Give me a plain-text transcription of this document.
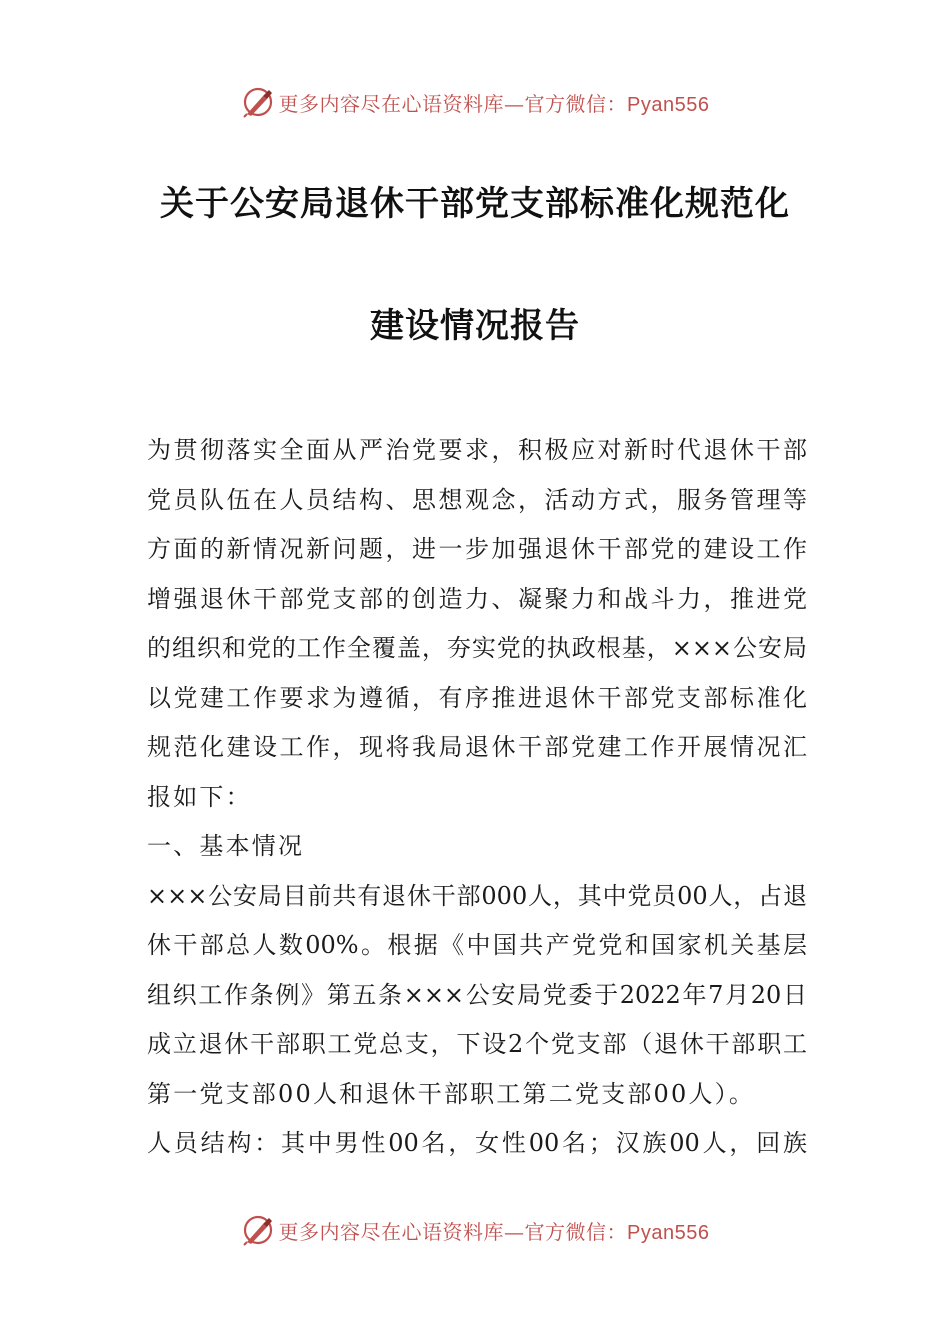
更多内容尽在心语资料库—官方微信：Pyan556
关于公安局退休干部党支部标准化规范化
建设情况报告
为贯彻落实全面从严治党要求，积极应对新时代退休干部
党员队伍在人员结构、思想观念，活动方式，服务管理等
方面的新情况新问题，进一步加强退休干部党的建设工作
增强退休干部党支部的创造力、凝聚力和战斗力，推进党
的组织和党的工作全覆盖，夯实党的执政根基，×××公安局
以党建工作要求为遵循，有序推进退休干部党支部标准化
规范化建设工作，现将我局退休干部党建工作开展情况汇
报如下：
一、基本情况
×××公安局目前共有退休干部000人，其中党员00人，占退
休干部总人数00%。根据《中国共产党党和国家机关基层
组织工作条例》第五条×××公安局党委于2022年7月20日
成立退休干部职工党总支，下设2个党支部（退休干部职工
第一党支部00人和退休干部职工第二党支部00人）。
人员结构：其中男性00名，女性00名；汉族00人，回族
更多内容尽在心语资料库—官方微信：Pyan556
